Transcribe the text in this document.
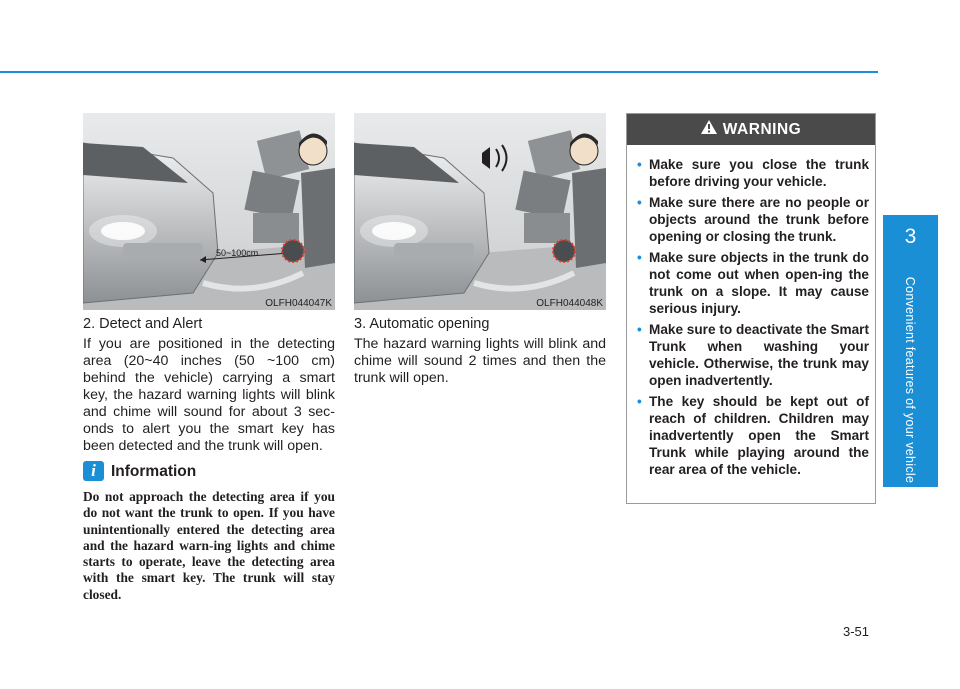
3
Convenient features of your vehicle
50~100cm
OLFH044047K	OLFH044048K
2. Detect and Alert
If you are positioned in the detecting area (20~40 inches (50 ~100 cm) behind the vehicle) carrying a smart key, the hazard warning lights will blink and chime will sound for about 3 sec-onds to alert you the smart key has been detected and the trunk will open.
i Information
Do not approach the detecting area if you do not want the trunk to open. If you have unintentionally entered the detecting area and the hazard warn-ing lights and chime starts to operate, leave the detecting area with the smart key. The trunk will stay closed.
3. Automatic opening
The hazard warning lights will blink and chime will sound 2 times and then the trunk will open.
WARNING
• Make sure you close the trunk before driving your vehicle.
• Make sure there are no people or objects around the trunk before opening or closing the trunk.
• Make sure objects in the trunk do not come out when open-ing the trunk on a slope. It may cause serious injury.
• Make sure to deactivate the Smart Trunk when washing your vehicle. Otherwise, the trunk may open inadvertently.
• The key should be kept out of reach of children. Children may inadvertently open the Smart Trunk while playing around the rear area of the vehicle.
3-51
